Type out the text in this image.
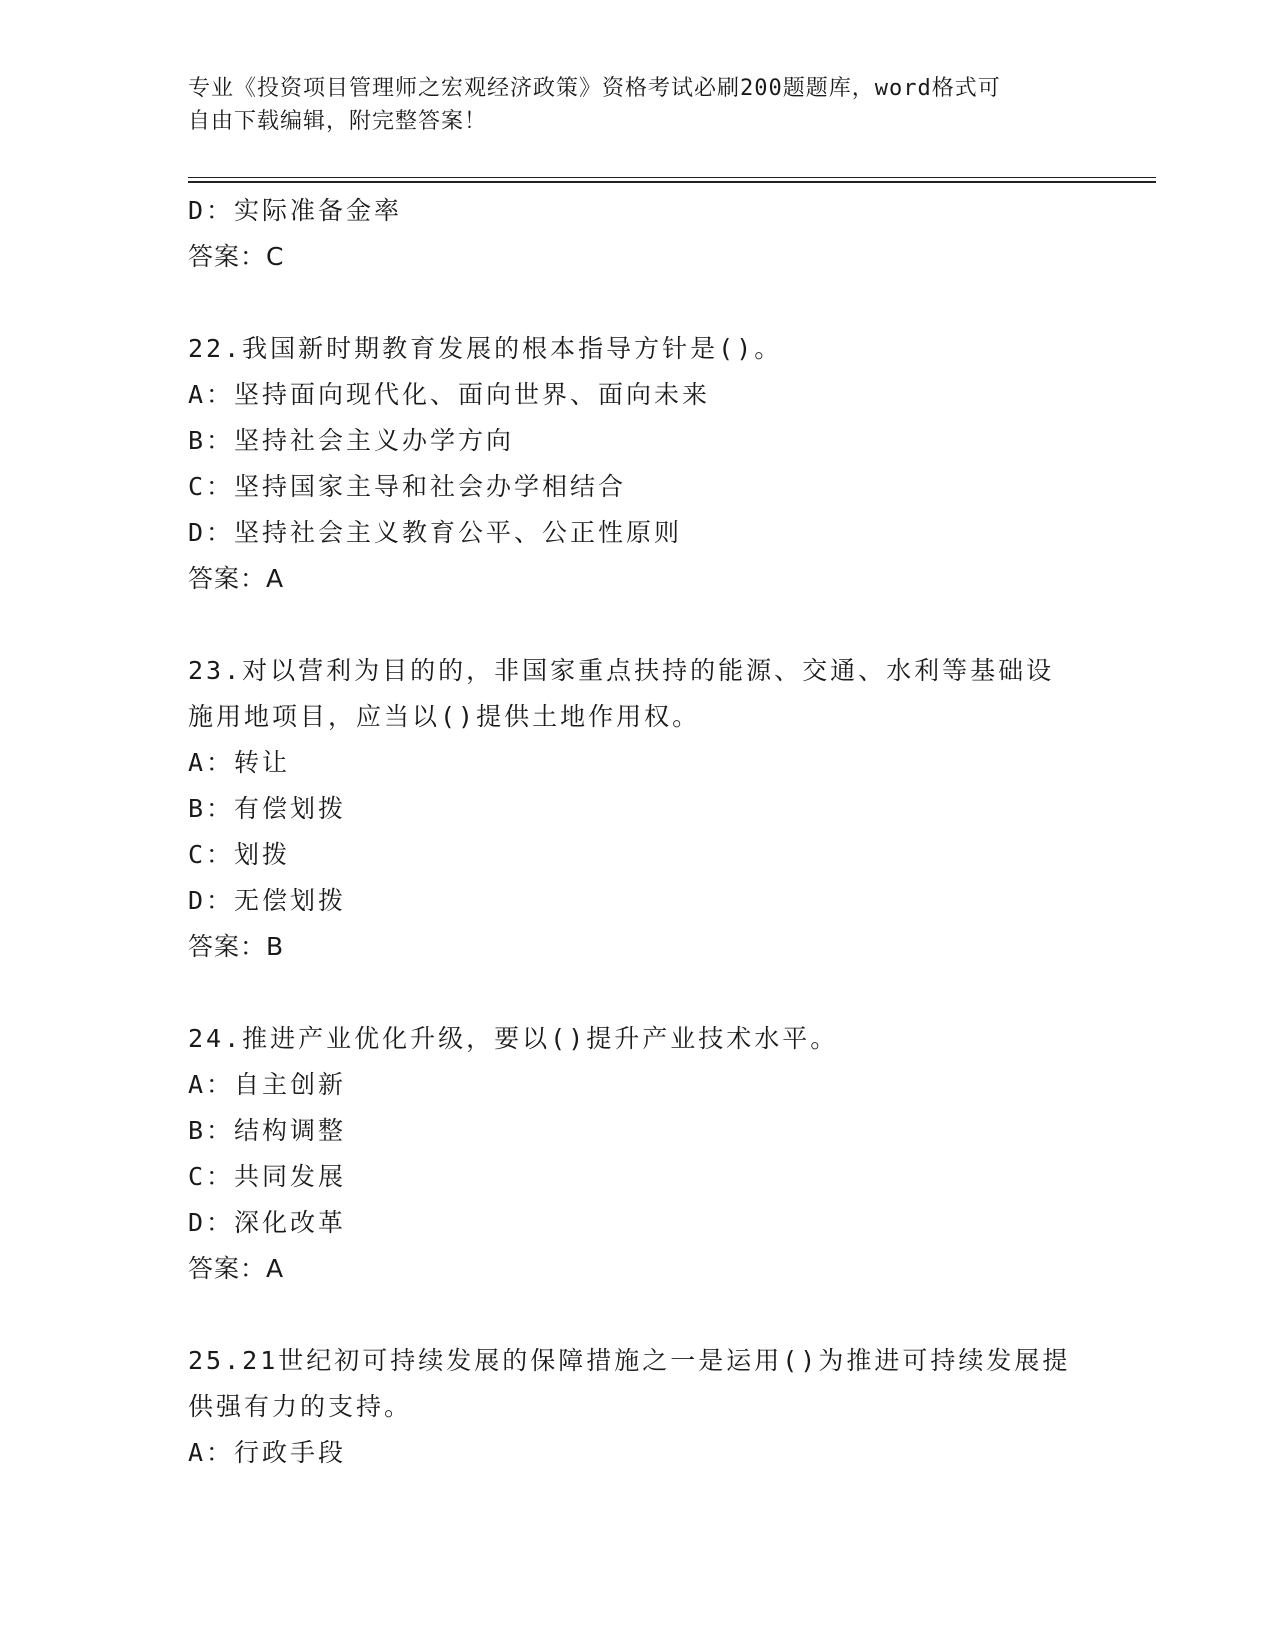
专业《投资项目管理师之宏观经济政策》资格考试必刷200题题库，word格式可
自由下载编辑，附完整答案！
D：实际准备金率
答案：C
22.我国新时期教育发展的根本指导方针是()。
A：坚持面向现代化、面向世界、面向未来
B：坚持社会主义办学方向
C：坚持国家主导和社会办学相结合
D：坚持社会主义教育公平、公正性原则
答案：A
23.对以营利为目的的，非国家重点扶持的能源、交通、水利等基础设
施用地项目，应当以()提供土地作用权。
A：转让
B：有偿划拨
C：划拨
D：无偿划拨
答案：B
24.推进产业优化升级，要以()提升产业技术水平。
A：自主创新
B：结构调整
C：共同发展
D：深化改革
答案：A
25.21世纪初可持续发展的保障措施之一是运用()为推进可持续发展提
供强有力的支持。
A：行政手段
